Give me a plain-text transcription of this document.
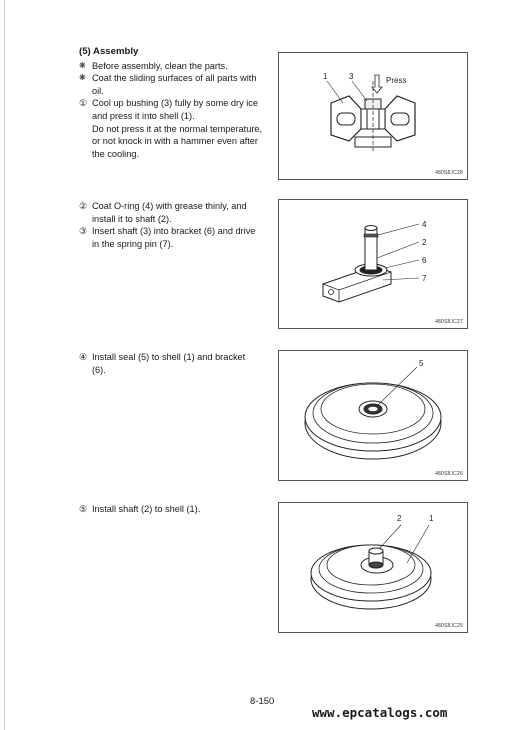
(5) Assembly
❋ Before assembly, clean the parts.
❋ Coat the sliding surfaces of all parts with
oil.
① Cool up bushing (3) fully by some dry ice
and press it into shell (1).
Do not press it at the normal temperature,
or not knock in with a hammer even after
the cooling.
1	3	Press
480S8JC28
② Coat O-ring (4) with grease thinly, and
install it to shaft (2).
③ Insert shaft (3) into bracket (6) and drive
in the spring pin (7).
4
2
6
7
480S8JC27
④ Install seal (5) to shell (1) and bracket
(6).
5
480S8JC26
⑤ Install shaft (2) to shell (1).
2	1
480S8JC25
8-150
www.epcatalogs.com
